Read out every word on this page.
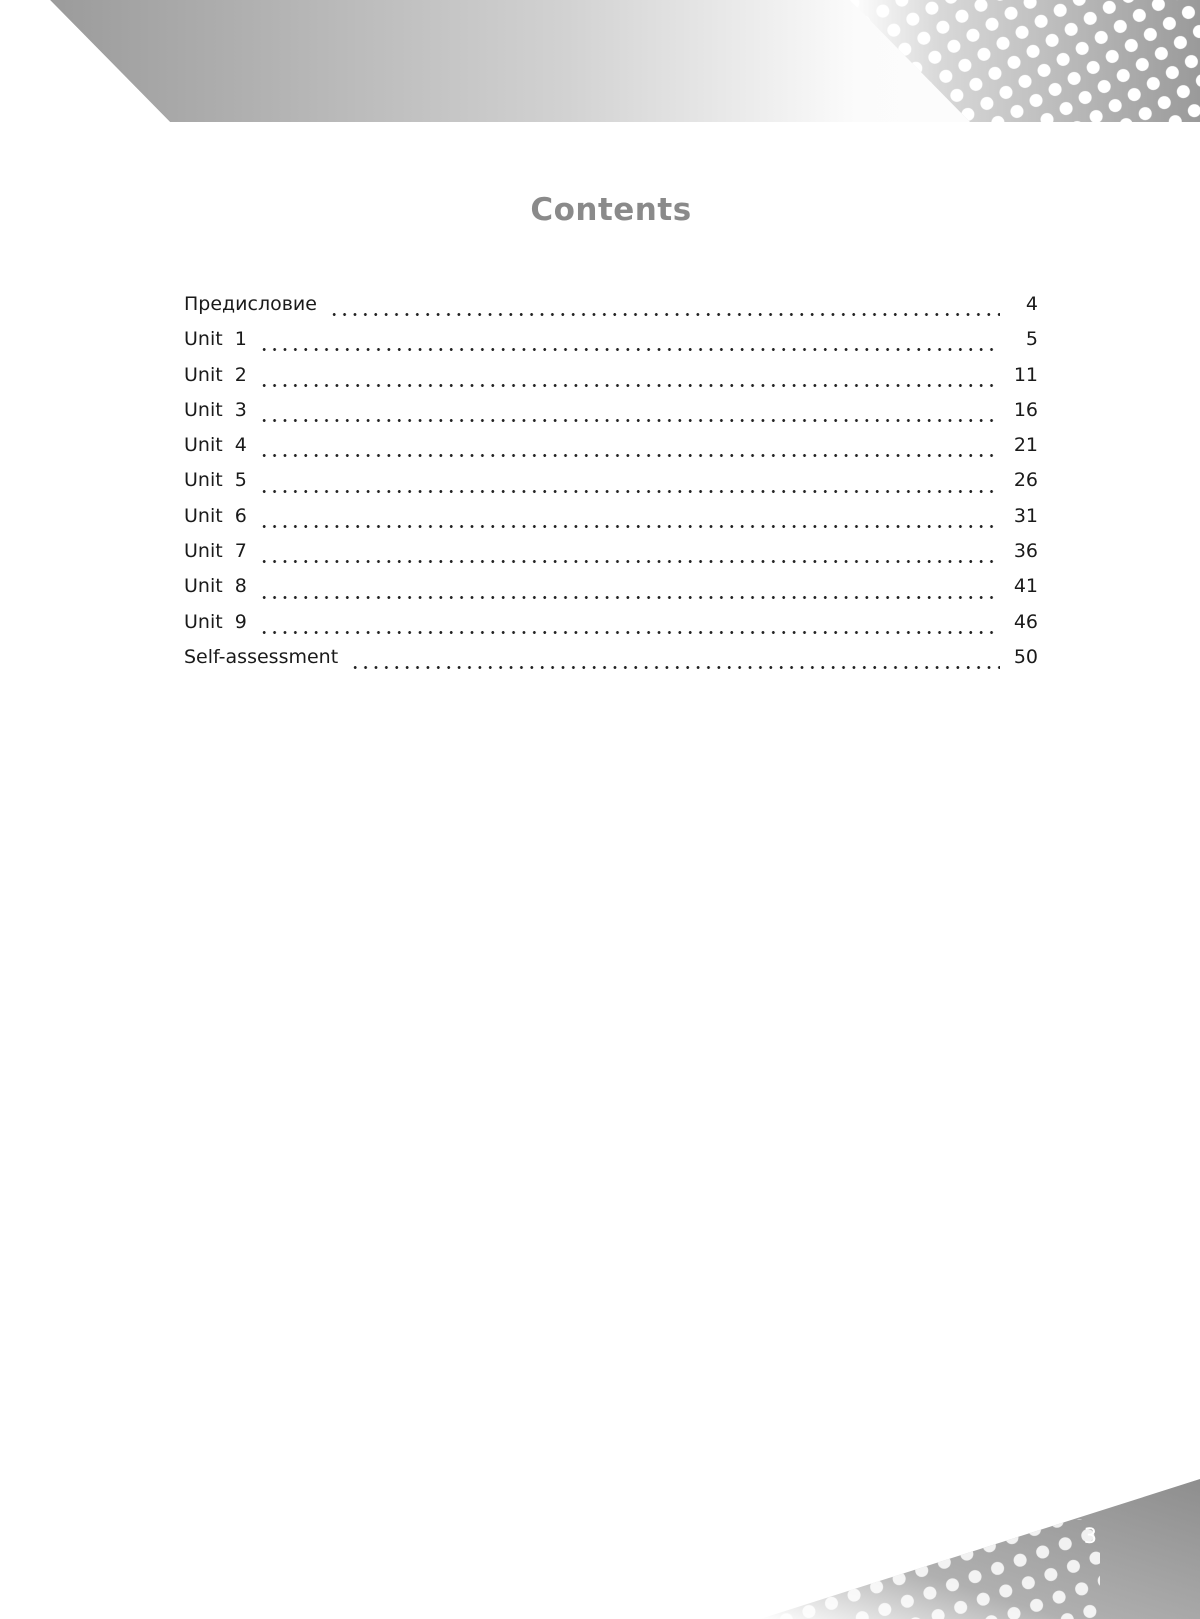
Contents
Предисловие	4
Unit  1	5
Unit  2	11
Unit  3	16
Unit  4	21
Unit  5	26
Unit  6	31
Unit  7	36
Unit  8	41
Unit  9	46
Self-assessment	50

3
